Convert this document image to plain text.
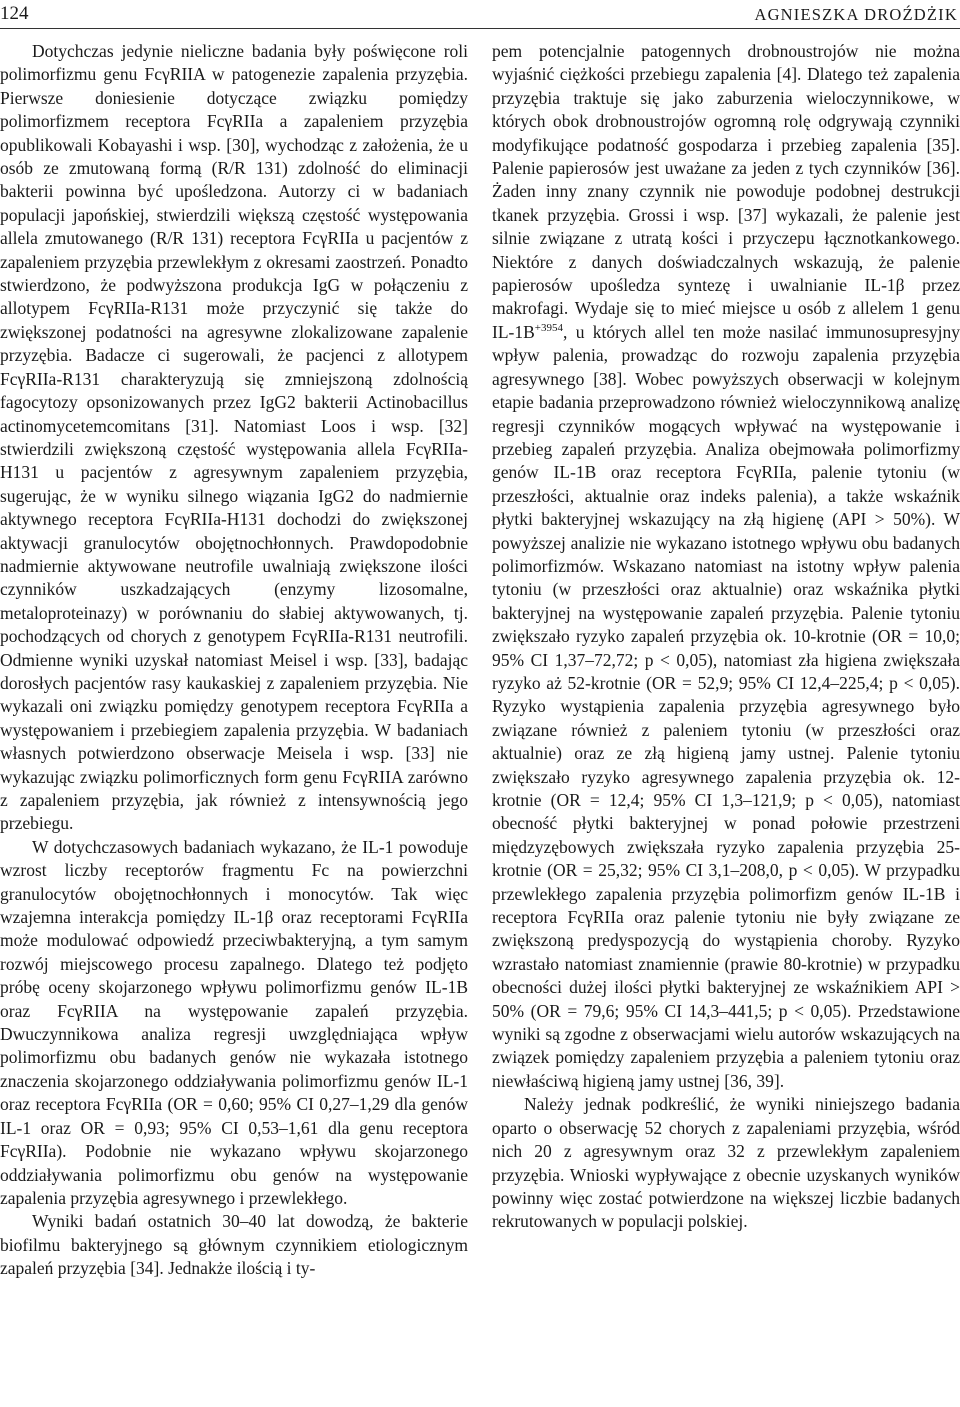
124	AGNIESZKA DROŹDŻIK

Dotychczas jedynie nieliczne badania były poświęcone roli polimorfizmu genu FcγRIIA w patogenezie zapalenia przyzębia. Pierwsze doniesienie dotyczące związku pomiędzy polimorfizmem receptora FcγRIIa a zapaleniem przyzębia opublikowali Kobayashi i wsp. [30], wychodząc z założenia, że u osób ze zmutowaną formą (R/R 131) zdolność do eliminacji bakterii powinna być upośledzona. Autorzy ci w badaniach populacji japońskiej, stwierdzili większą częstość występowania allela zmutowanego (R/R 131) receptora FcγRIIa u pacjentów z zapaleniem przyzębia przewlekłym z okresami zaostrzeń. Ponadto stwierdzono, że podwyższona produkcja IgG w połączeniu z allotypem FcγRIIa-R131 może przyczynić się także do zwiększonej podatności na agresywne zlokalizowane zapalenie przyzębia. Badacze ci sugerowali, że pacjenci z allotypem FcγRIIa-R131 charakteryzują się zmniejszoną zdolnością fagocytozy opsonizowanych przez IgG2 bakterii Actinobacillus actinomycetemcomitans [31]. Natomiast Loos i wsp. [32] stwierdzili zwiększoną częstość występowania allela FcγRIIa-H131 u pacjentów z agresywnym zapaleniem przyzębia, sugerując, że w wyniku silnego wiązania IgG2 do nadmiernie aktywnego receptora FcγRIIa-H131 dochodzi do zwiększonej aktywacji granulocytów obojętnochłonnych. Prawdopodobnie nadmiernie aktywowane neutrofile uwalniają zwiększone ilości czynników uszkadzających (enzymy lizosomalne, metaloproteinazy) w porównaniu do słabiej aktywowanych, tj. pochodzących od chorych z genotypem FcγRIIa-R131 neutrofili. Odmienne wyniki uzyskał natomiast Meisel i wsp. [33], badając dorosłych pacjentów rasy kaukaskiej z zapaleniem przyzębia. Nie wykazali oni związku pomiędzy genotypem receptora FcγRIIa a występowaniem i przebiegiem zapalenia przyzębia. W badaniach własnych potwierdzono obserwacje Meisela i wsp. [33] nie wykazując związku polimorficznych form genu FcγRIIA zarówno z zapaleniem przyzębia, jak również z intensywnością jego przebiegu.

W dotychczasowych badaniach wykazano, że IL-1 powoduje wzrost liczby receptorów fragmentu Fc na powierzchni granulocytów obojętnochłonnych i monocytów. Tak więc wzajemna interakcja pomiędzy IL-1β oraz receptorami FcγRIIa może modulować odpowiedź przeciwbakteryjną, a tym samym rozwój miejscowego procesu zapalnego. Dlatego też podjęto próbę oceny skojarzonego wpływu polimorfizmu genów IL-1B oraz FcγRIIA na występowanie zapaleń przyzębia. Dwuczynnikowa analiza regresji uwzględniająca wpływ polimorfizmu obu badanych genów nie wykazała istotnego znaczenia skojarzonego oddziaływania polimorfizmu genów IL-1 oraz receptora FcγRIIa (OR = 0,60; 95% CI 0,27–1,29 dla genów IL-1 oraz OR = 0,93; 95% CI 0,53–1,61 dla genu receptora FcγRIIa). Podobnie nie wykazano wpływu skojarzonego oddziaływania polimorfizmu obu genów na występowanie zapalenia przyzębia agresywnego i przewlekłego.

Wyniki badań ostatnich 30–40 lat dowodzą, że bakterie biofilmu bakteryjnego są głównym czynnikiem etiologicznym zapaleń przyzębia [34]. Jednakże ilością i ty-

pem potencjalnie patogennych drobnoustrojów nie można wyjaśnić ciężkości przebiegu zapalenia [4]. Dlatego też zapalenia przyzębia traktuje się jako zaburzenia wieloczynnikowe, w których obok drobnoustrojów ogromną rolę odgrywają czynniki modyfikujące podatność gospodarza i przebieg zapalenia [35]. Palenie papierosów jest uważane za jeden z tych czynników [36]. Żaden inny znany czynnik nie powoduje podobnej destrukcji tkanek przyzębia. Grossi i wsp. [37] wykazali, że palenie jest silnie związane z utratą kości i przyczepu łącznotkankowego. Niektóre z danych doświadczalnych wskazują, że palenie papierosów upośledza syntezę i uwalnianie IL-1β przez makrofagi. Wydaje się to mieć miejsce u osób z allelem 1 genu $IL-1B^{+3954}$, u których allel ten może nasilać immunosupresyjny wpływ palenia, prowadząc do rozwoju zapalenia przyzębia agresywnego [38]. Wobec powyższych obserwacji w kolejnym etapie badania przeprowadzono również wieloczynnikową analizę regresji czynników mogących wpływać na występowanie i przebieg zapaleń przyzębia. Analiza obejmowała polimorfizmy genów IL-1B oraz receptora FcγRIIa, palenie tytoniu (w przeszłości, aktualnie oraz indeks palenia), a także wskaźnik płytki bakteryjnej wskazujący na złą higienę (API > 50%). W powyższej analizie nie wykazano istotnego wpływu obu badanych polimorfizmów. Wskazano natomiast na istotny wpływ palenia tytoniu (w przeszłości oraz aktualnie) oraz wskaźnika płytki bakteryjnej na występowanie zapaleń przyzębia. Palenie tytoniu zwiększało ryzyko zapaleń przyzębia ok. 10-krotnie (OR = 10,0; 95% CI 1,37–72,72; p < 0,05), natomiast zła higiena zwiększała ryzyko aż 52-krotnie (OR = 52,9; 95% CI 12,4–225,4; p < 0,05). Ryzyko wystąpienia zapalenia przyzębia agresywnego było związane również z paleniem tytoniu (w przeszłości oraz aktualnie) oraz ze złą higieną jamy ustnej. Palenie tytoniu zwiększało ryzyko agresywnego zapalenia przyzębia ok. 12-krotnie (OR = 12,4; 95% CI 1,3–121,9; p < 0,05), natomiast obecność płytki bakteryjnej w ponad połowie przestrzeni międzyzębowych zwiększała ryzyko zapalenia przyzębia 25-krotnie (OR = 25,32; 95% CI 3,1–208,0, p < 0,05). W przypadku przewlekłego zapalenia przyzębia polimorfizm genów IL-1B i receptora FcγRIIa oraz palenie tytoniu nie były związane ze zwiększoną predyspozycją do wystąpienia choroby. Ryzyko wzrastało natomiast znamiennie (prawie 80-krotnie) w przypadku obecności dużej ilości płytki bakteryjnej ze wskaźnikiem API > 50% (OR = 79,6; 95% CI 14,3–441,5; p < 0,05). Przedstawione wyniki są zgodne z obserwacjami wielu autorów wskazujących na związek pomiędzy zapaleniem przyzębia a paleniem tytoniu oraz niewłaściwą higieną jamy ustnej [36, 39].

Należy jednak podkreślić, że wyniki niniejszego badania oparto o obserwację 52 chorych z zapaleniami przyzębia, wśród nich 20 z agresywnym oraz 32 z przewlekłym zapaleniem przyzębia. Wnioski wypływające z obecnie uzyskanych wyników powinny więc zostać potwierdzone na większej liczbie badanych rekrutowanych w populacji polskiej.
